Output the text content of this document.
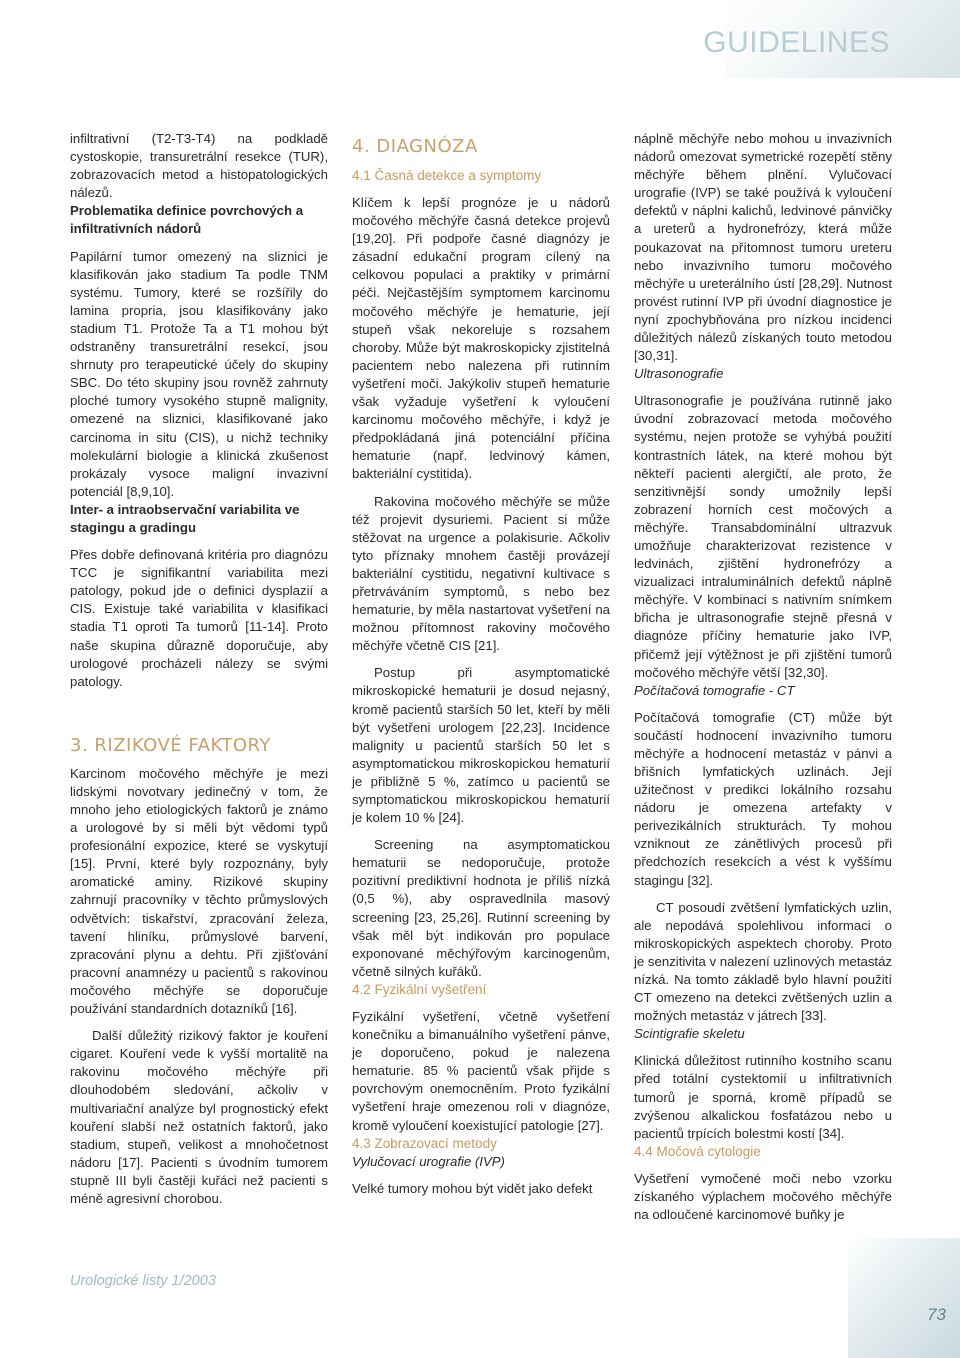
GUIDELINES

infiltrativní (T2-T3-T4) na podkladě cystoskopie, transuretrální resekce (TUR), zobrazovacích metod a histopatologických nálezů.

Problematika definice povrchových a infiltrativních nádorů

Papilární tumor omezený na sliznici je klasifikován jako stadium Ta podle TNM systému. Tumory, které se rozšířily do lamina propria, jsou klasifikovány jako stadium T1. Protože Ta a T1 mohou být odstraněny transuretrální resekcí, jsou shrnuty pro terapeutické účely do skupiny SBC. Do této skupiny jsou rovněž zahrnuty ploché tumory vysokého stupně malignity, omezené na sliznici, klasifikované jako carcinoma in situ (CIS), u nichž techniky molekulární biologie a klinická zkušenost prokázaly vysoce maligní invazivní potenciál [8,9,10].

Inter- a intraobservační variabilita ve stagingu a gradingu

Přes dobře definovaná kritéria pro diagnózu TCC je signifikantní variabilita mezi patology, pokud jde o definici dysplazií a CIS. Existuje také variabilita v klasifikaci stadia T1 oproti Ta tumorů [11-14]. Proto naše skupina důrazně doporučuje, aby urologové procházeli nálezy se svými patology.

3. RIZIKOVÉ FAKTORY

Karcinom močového měchýře je mezi lidskými novotvary jedinečný v tom, že mnoho jeho etiologických faktorů je známo a urologové by si měli být vědomi typů profesionální expozice, které se vyskytují [15]. První, které byly rozpoznány, byly aromatické aminy. Rizikové skupiny zahrnují pracovníky v těchto průmyslových odvětvích: tiskařství, zpracování železa, tavení hliníku, průmyslové barvení, zpracování plynu a dehtu. Při zjišťování pracovní anamnézy u pacientů s rakovinou močového měchýře se doporučuje používání standardních dotazníků [16].

Další důležitý rizikový faktor je kouření cigaret. Kouření vede k vyšší mortalitě na rakovinu močového měchýře při dlouhodobém sledování, ačkoliv v multivariační analýze byl prognostický efekt kouření slabší než ostatních faktorů, jako stadium, stupeň, velikost a mnohočetnost nádoru [17]. Pacienti s úvodním tumorem stupně III byli častěji kuřáci než pacienti s méně agresivní chorobou.

4. DIAGNÓZA
4.1 Časná detekce a symptomy

Klíčem k lepší prognóze je u nádorů močového měchýře časná detekce projevů [19,20]. Při podpoře časné diagnózy je zásadní edukační program cílený na celkovou populaci a praktiky v primární péči. Nejčastějším symptomem karcinomu močového měchýře je hematurie, její stupeň však nekoreluje s rozsahem choroby. Může být makroskopicky zjistitelná pacientem nebo nalezena při rutinním vyšetření moči. Jakýkoliv stupeň hematurie však vyžaduje vyšetření k vyloučení karcinomu močového měchýře, i když je předpokládaná jiná potenciální příčina hematurie (např. ledvinový kámen, bakteriální cystitida).

Rakovina močového měchýře se může též projevit dysuriemi. Pacient si může stěžovat na urgence a polakisurie. Ačkoliv tyto příznaky mnohem častěji provázejí bakteriální cystitidu, negativní kultivace s přetrváváním symptomů, s nebo bez hematurie, by měla nastartovat vyšetření na možnou přítomnost rakoviny močového měchýře včetně CIS [21].

Postup při asymptomatické mikroskopické hematurii je dosud nejasný, kromě pacientů starších 50 let, kteří by měli být vyšetřeni urologem [22,23]. Incidence malignity u pacientů starších 50 let s asymptomatickou mikroskopickou hematurií je přibližně 5 %, zatímco u pacientů se symptomatickou mikroskopickou hematurií je kolem 10 % [24].

Screening na asymptomatickou hematurii se nedoporučuje, protože pozitivní prediktivní hodnota je příliš nízká (0,5 %), aby ospravedlnila masový screening [23, 25,26]. Rutinní screening by však měl být indikován pro populace exponované měchýřovým karcinogenům, včetně silných kuřáků.

4.2 Fyzikální vyšetření

Fyzikální vyšetření, včetně vyšetření konečníku a bimanuálního vyšetření pánve, je doporučeno, pokud je nalezena hematurie. 85 % pacientů však přijde s povrchovým onemocněním. Proto fyzikální vyšetření hraje omezenou roli v diagnóze, kromě vyloučení koexistující patologie [27].

4.3 Zobrazovací metody
Vylučovací urografie (IVP)

Velké tumory mohou být vidět jako defekt

náplně měchýře nebo mohou u invazivních nádorů omezovat symetrické rozepětí stěny měchýře během plnění. Vylučovací urografie (IVP) se také používá k vyloučení defektů v náplni kalichů, ledvinové pánvičky a ureterů a hydronefrózy, která může poukazovat na přítomnost tumoru ureteru nebo invazivního tumoru močového měchýře u ureterálního ústí [28,29]. Nutnost provést rutinní IVP při úvodní diagnostice je nyní zpochybňována pro nízkou incidenci důležitých nálezů získaných touto metodou [30,31].

Ultrasonografie

Ultrasonografie je používána rutinně jako úvodní zobrazovací metoda močového systému, nejen protože se vyhýbá použití kontrastních látek, na které mohou být někteří pacienti alergičtí, ale proto, že senzitivnější sondy umožnily lepší zobrazení horních cest močových a měchýře. Transabdominální ultrazvuk umožňuje charakterizovat rezistence v ledvinách, zjištění hydronefrózy a vizualizaci intraluminálních defektů náplně měchýře. V kombinaci s nativním snímkem břicha je ultrasonografie stejně přesná v diagnóze příčiny hematurie jako IVP, přičemž její výtěžnost je při zjištění tumorů močového měchýře větší [32,30].

Počítačová tomografie - CT

Počítačová tomografie (CT) může být součástí hodnocení invazivního tumoru měchýře a hodnocení metastáz v pánvi a břišních lymfatických uzlinách. Její užitečnost v predikci lokálního rozsahu nádoru je omezena artefakty v perivezikálních strukturách. Ty mohou vzniknout ze zánětlivých procesů při předchozích resekcích a vést k vyššímu stagingu [32].

CT posoudí zvětšení lymfatických uzlin, ale nepodává spolehlivou informaci o mikroskopických aspektech choroby. Proto je senzitivita v nalezení uzlinových metastáz nízká. Na tomto základě bylo hlavní použití CT omezeno na detekci zvětšených uzlin a možných metastáz v játrech [33].

Scintigrafie skeletu

Klinická důležitost rutinního kostního scanu před totální cystektomií u infiltrativních tumorů je sporná, kromě případů se zvýšenou alkalickou fosfatázou nebo u pacientů trpících bolestmi kostí [34].

4.4 Močová cytologie

Vyšetření vymočené moči nebo vzorku získaného výplachem močového měchýře na odloučené karcinomové buňky je

Urologické listy 1/2003
73
